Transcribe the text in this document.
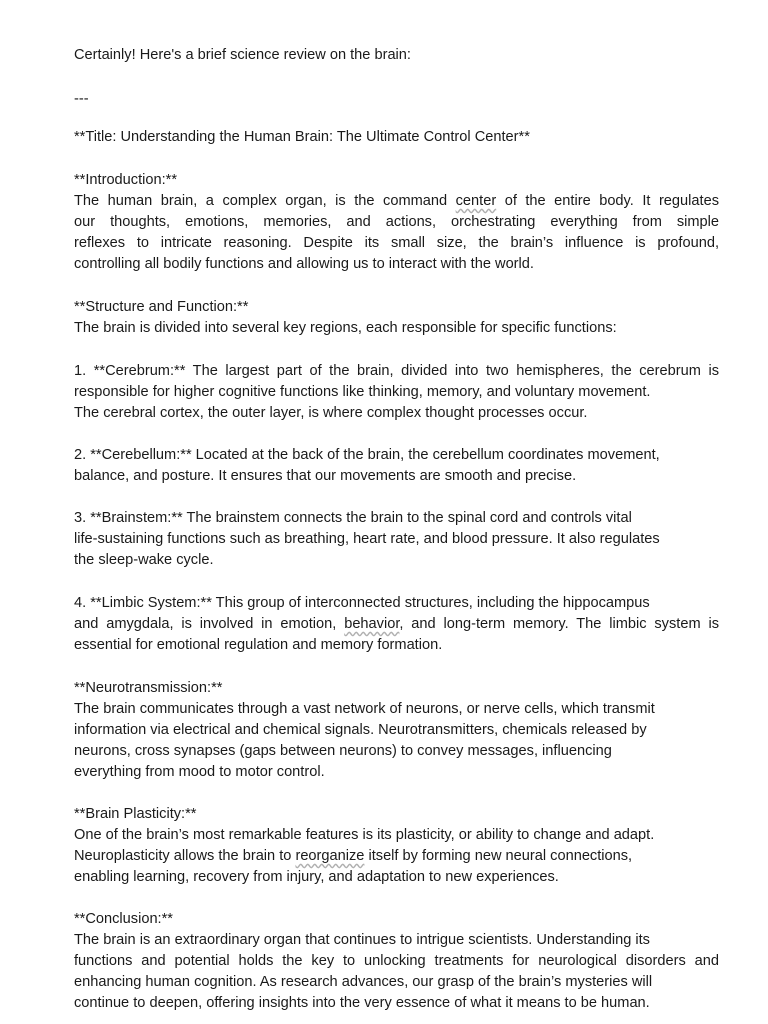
Certainly! Here's a brief science review on the brain:

---

**Title: Understanding the Human Brain: The Ultimate Control Center**

**Introduction:**

The human brain, a complex organ, is the command center of the entire body. It regulates

our thoughts, emotions, memories, and actions, orchestrating everything from simple

reflexes to intricate reasoning. Despite its small size, the brain’s influence is profound,

controlling all bodily functions and allowing us to interact with the world.

**Structure and Function:**

The brain is divided into several key regions, each responsible for specific functions:

1. **Cerebrum:** The largest part of the brain, divided into two hemispheres, the cerebrum is

responsible for higher cognitive functions like thinking, memory, and voluntary movement.

The cerebral cortex, the outer layer, is where complex thought processes occur.

2. **Cerebellum:** Located at the back of the brain, the cerebellum coordinates movement,

balance, and posture. It ensures that our movements are smooth and precise.

3. **Brainstem:** The brainstem connects the brain to the spinal cord and controls vital

life-sustaining functions such as breathing, heart rate, and blood pressure. It also regulates

the sleep-wake cycle.

4. **Limbic System:** This group of interconnected structures, including the hippocampus

and amygdala, is involved in emotion, behavior, and long-term memory. The limbic system is

essential for emotional regulation and memory formation.

**Neurotransmission:**

The brain communicates through a vast network of neurons, or nerve cells, which transmit

information via electrical and chemical signals. Neurotransmitters, chemicals released by

neurons, cross synapses (gaps between neurons) to convey messages, influencing

everything from mood to motor control.

**Brain Plasticity:**

One of the brain’s most remarkable features is its plasticity, or ability to change and adapt.

Neuroplasticity allows the brain to reorganize itself by forming new neural connections,

enabling learning, recovery from injury, and adaptation to new experiences.

**Conclusion:**

The brain is an extraordinary organ that continues to intrigue scientists. Understanding its

functions and potential holds the key to unlocking treatments for neurological disorders and

enhancing human cognition. As research advances, our grasp of the brain’s mysteries will

continue to deepen, offering insights into the very essence of what it means to be human.
